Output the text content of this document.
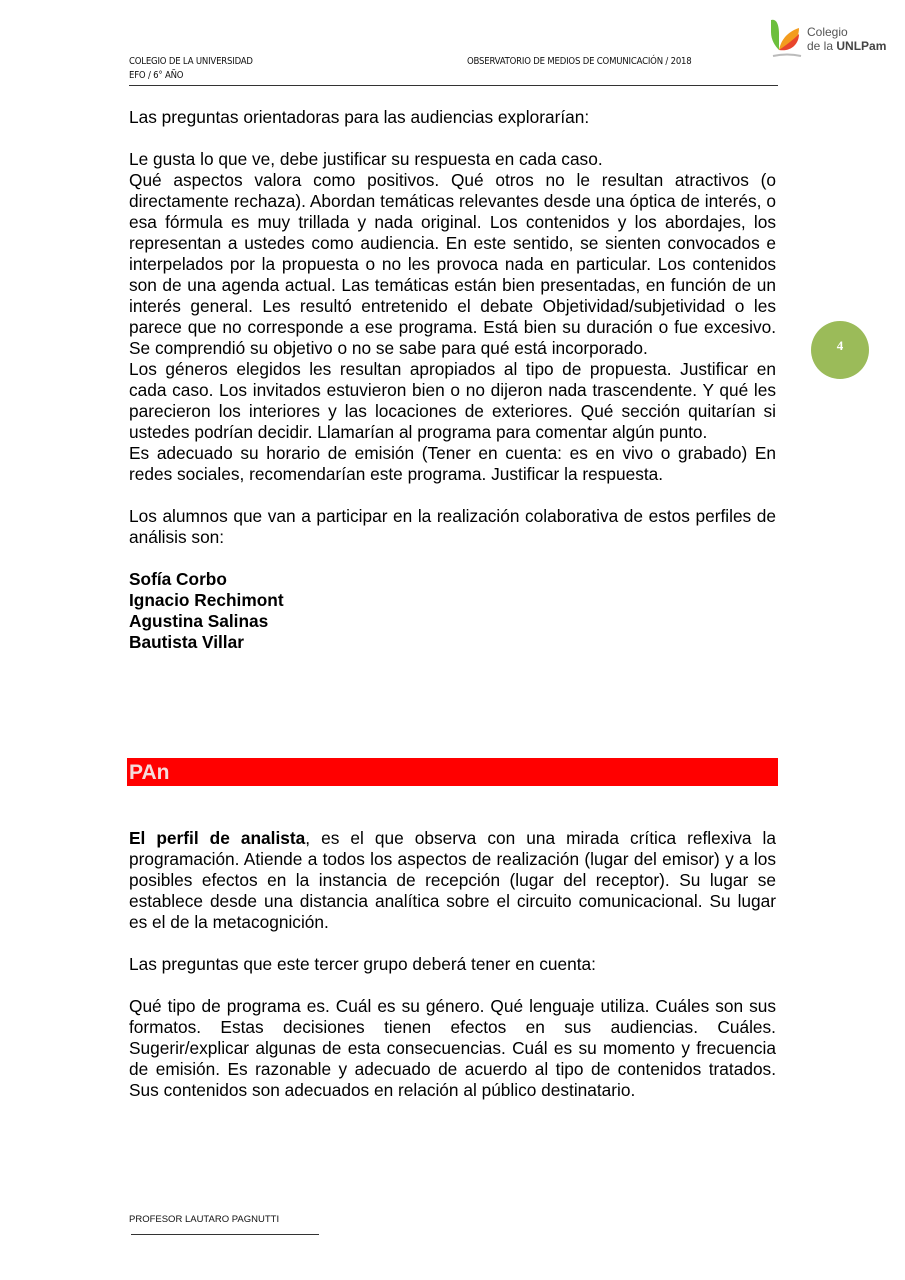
COLEGIO DE LA UNIVERSIDAD
EFO / 6° AÑO
OBSERVATORIO DE MEDIOS DE COMUNICACIÓN / 2018
Colegio
de la UNLPam

Las preguntas orientadoras para las audiencias explorarían:

Le gusta lo que ve, debe justificar su respuesta en cada caso.

Qué aspectos valora como positivos. Qué otros no le resultan atractivos (o directamente rechaza). Abordan temáticas relevantes desde una óptica de interés, o esa fórmula es muy trillada y nada original. Los contenidos y los abordajes, los representan a ustedes como audiencia. En este sentido, se sienten convocados e interpelados por la propuesta o no les provoca nada en particular. Los contenidos son de una agenda actual. Las temáticas están bien presentadas, en función de un interés general. Les resultó entretenido el debate Objetividad/subjetividad o les parece que no corresponde a ese programa. Está bien su duración o fue excesivo. Se comprendió su objetivo o no se sabe para qué está incorporado.

Los géneros elegidos les resultan apropiados al tipo de propuesta. Justificar en cada caso. Los invitados estuvieron bien o no dijeron nada trascendente. Y qué les parecieron los interiores y las locaciones de exteriores. Qué sección quitarían si ustedes podrían decidir. Llamarían al programa para comentar algún punto.

Es adecuado su horario de emisión (Tener en cuenta: es en vivo o grabado) En redes sociales, recomendarían este programa. Justificar la respuesta.

Los alumnos que van a participar en la realización colaborativa de estos perfiles de análisis son:

Sofía Corbo

Ignacio Rechimont

Agustina Salinas

Bautista Villar

4
PAn

El perfil de analista, es el que observa con una mirada crítica reflexiva la programación. Atiende a todos los aspectos de realización (lugar del emisor) y a los posibles efectos en la instancia de recepción (lugar del receptor). Su lugar se establece desde una distancia analítica sobre el circuito comunicacional. Su lugar es el de la metacognición.

Las preguntas que este tercer grupo deberá tener en cuenta:

Qué tipo de programa es. Cuál es su género. Qué lenguaje utiliza. Cuáles son sus formatos. Estas decisiones tienen efectos en sus audiencias. Cuáles. Sugerir/explicar algunas de esta consecuencias. Cuál es su momento y frecuencia de emisión. Es razonable y adecuado de acuerdo al tipo de contenidos tratados. Sus contenidos son adecuados en relación al público destinatario.

PROFESOR LAUTARO PAGNUTTI
